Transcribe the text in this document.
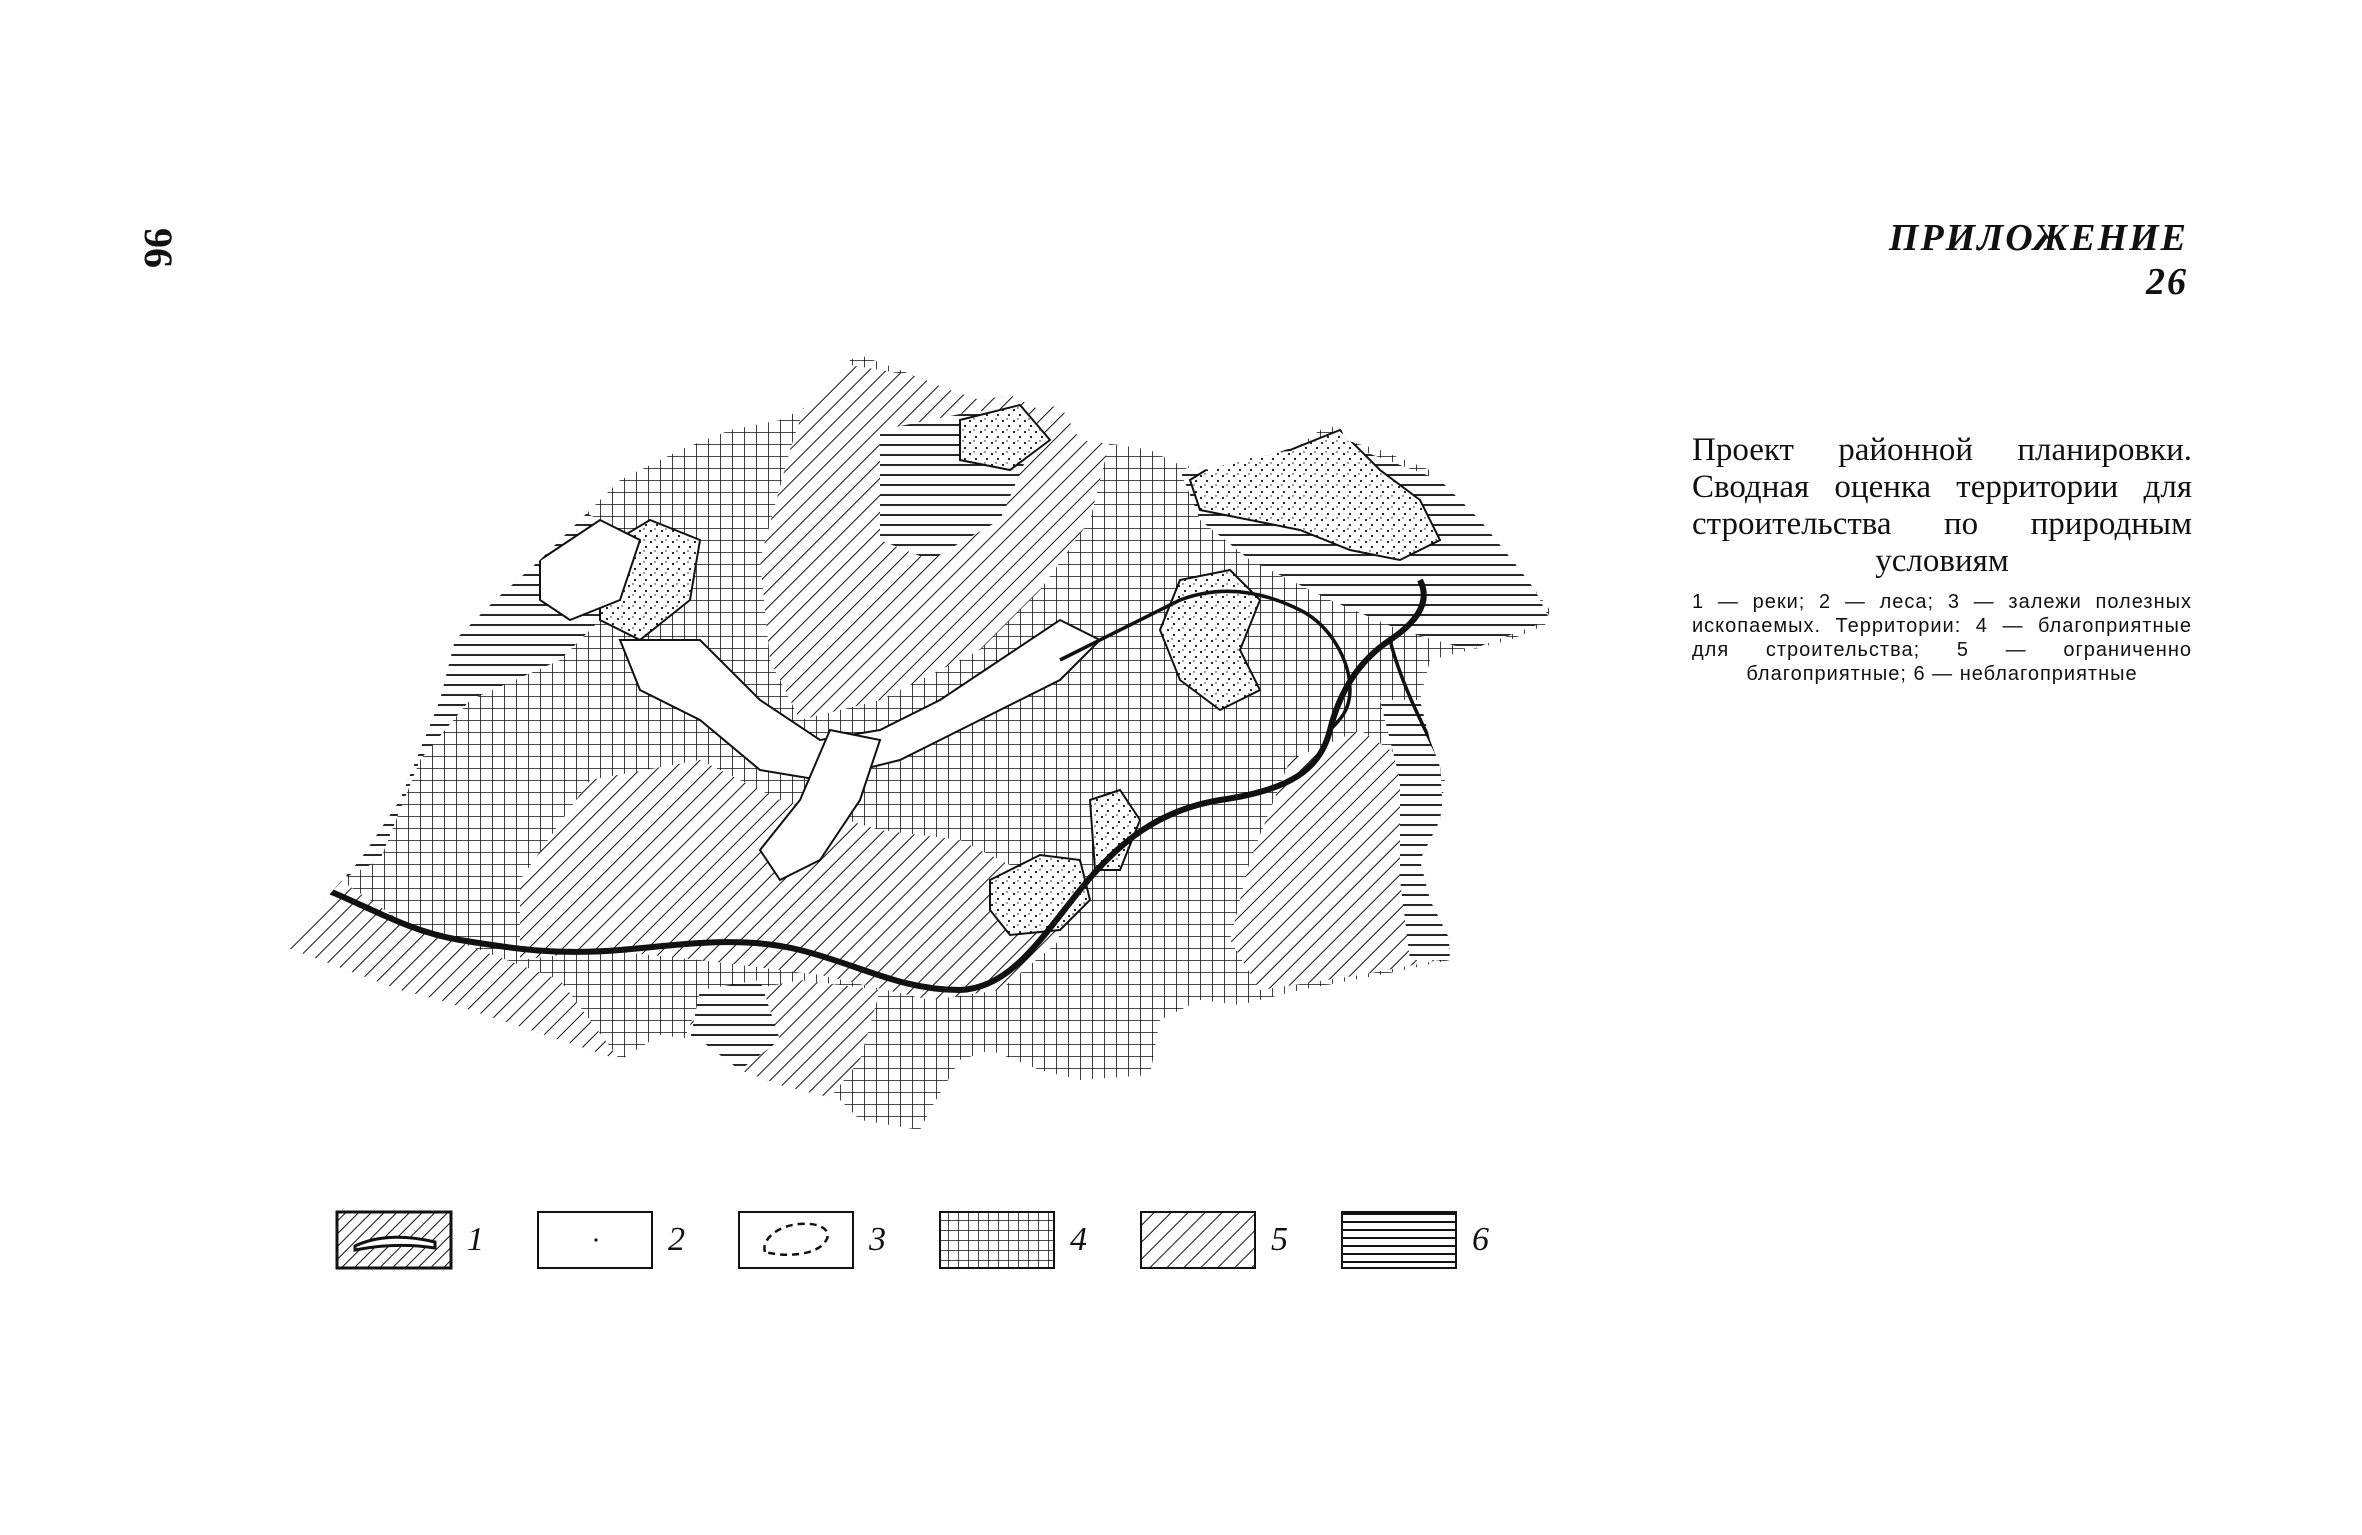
96	ПРИЛОЖЕНИЕ 26

Проект районной планировки. Сводная оценка территории для строительства по природным условиям

1 — реки; 2 — леса; 3 — залежи полезных ископаемых. Территории: 4 — благоприятные для строительства; 5 — ограниченно благоприятные; 6 — неблагоприятные
1	2	3	4	5	6
